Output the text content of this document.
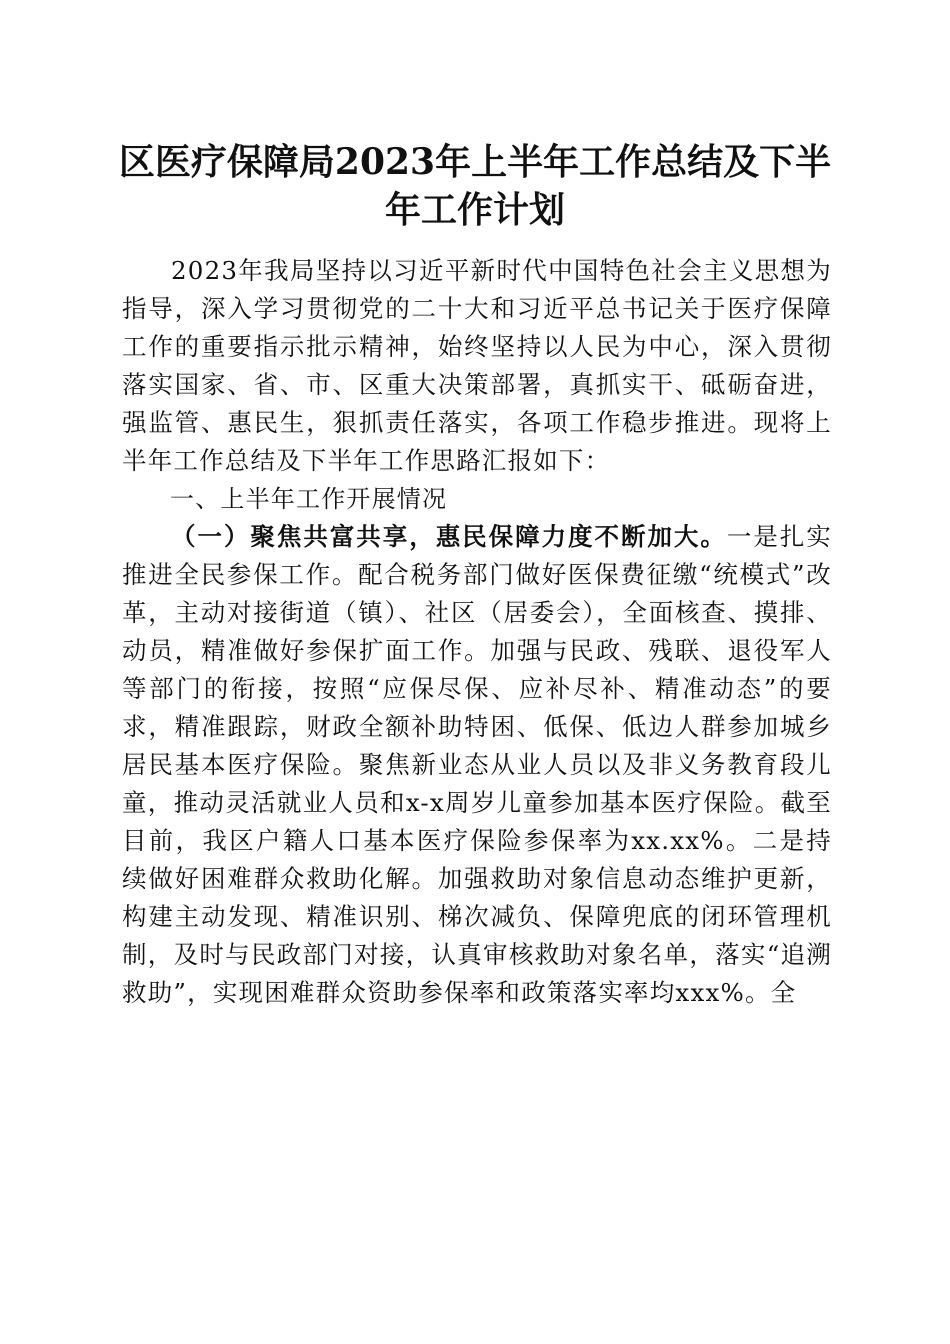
区医疗保障局2023年上半年工作总结及下半
年工作计划

2023年我局坚持以习近平新时代中国特色社会主义思想为指导，深入学习贯彻党的二十大和习近平总书记关于医疗保障工作的重要指示批示精神，始终坚持以人民为中心，深入贯彻落实国家、省、市、区重大决策部署，真抓实干、砥砺奋进，强监管、惠民生，狠抓责任落实，各项工作稳步推进。现将上半年工作总结及下半年工作思路汇报如下：

一、上半年工作开展情况

（一）聚焦共富共享，惠民保障力度不断加大。一是扎实推进全民参保工作。配合税务部门做好医保费征缴“统模式”改革，主动对接街道（镇）、社区（居委会），全面核查、摸排、动员，精准做好参保扩面工作。加强与民政、残联、退役军人等部门的衔接，按照“应保尽保、应补尽补、精准动态”的要求，精准跟踪，财政全额补助特困、低保、低边人群参加城乡居民基本医疗保险。聚焦新业态从业人员以及非义务教育段儿童，推动灵活就业人员和x-x周岁儿童参加基本医疗保险。截至目前，我区户籍人口基本医疗保险参保率为xx.xx%。二是持续做好困难群众救助化解。加强救助对象信息动态维护更新，构建主动发现、精准识别、梯次减负、保障兜底的闭环管理机制，及时与民政部门对接，认真审核救助对象名单，落实“追溯救助”，实现困难群众资助参保率和政策落实率均xxx%。全
